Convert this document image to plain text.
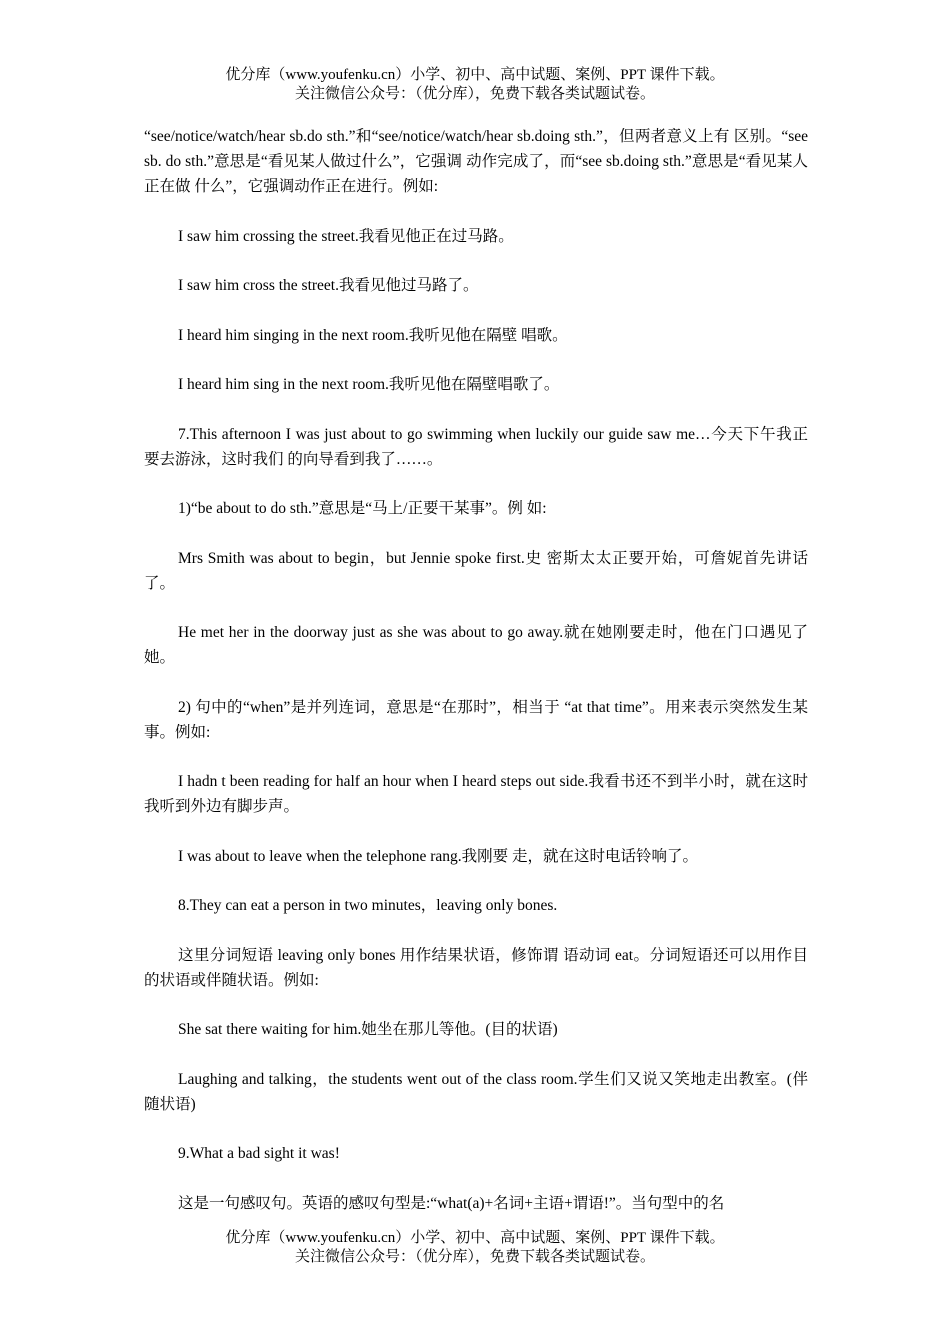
优分库（www.youfenku.cn）小学、初中、高中试题、案例、PPT 课件下载。
关注微信公众号：（优分库），免费下载各类试题试卷。

“see/notice/watch/hear sb.do sth.”和“see/notice/watch/hear sb.doing sth.”，但两者意义上有 区别。“see sb. do sth.”意思是“看见某人做过什么”，它强调 动作完成了，而“see sb.doing sth.”意思是“看见某人正在做 什么”，它强调动作正在进行。例如:

I saw him crossing the street.我看见他正在过马路。

I saw him cross the street.我看见他过马路了。

I heard him singing in the next room.我听见他在隔壁 唱歌。

I heard him sing in the next room.我听见他在隔壁唱歌了。

7.This afternoon I was just about to go swimming when luckily our guide saw me…今天下午我正要去游泳，这时我们 的向导看到我了……。

1)“be about to do sth.”意思是“马上/正要干某事”。例 如:

Mrs Smith was about to begin，but Jennie spoke first.史 密斯太太正要开始，可詹妮首先讲话了。

He met her in the doorway just as she was about to go away.就在她刚要走时，他在门口遇见了她。

2) 句中的“when”是并列连词，意思是“在那时”，相当于 “at that time”。用来表示突然发生某事。例如:

I hadn t been reading for half an hour when I heard steps out side.我看书还不到半小时，就在这时我听到外边有脚步声。

I was about to leave when the telephone rang.我刚要 走，就在这时电话铃响了。

8.They can eat a person in two minutes，leaving only bones.

这里分词短语 leaving only bones 用作结果状语，修饰谓 语动词 eat。分词短语还可以用作目的状语或伴随状语。例如:

She sat there waiting for him.她坐在那儿等他。(目的状语)

Laughing and talking，the students went out of the class room.学生们又说又笑地走出教室。(伴随状语)

9.What a bad sight it was!

这是一句感叹句。英语的感叹句型是:“what(a)+名词+主语+谓语!”。当句型中的名

优分库（www.youfenku.cn）小学、初中、高中试题、案例、PPT 课件下载。
关注微信公众号：（优分库），免费下载各类试题试卷。
